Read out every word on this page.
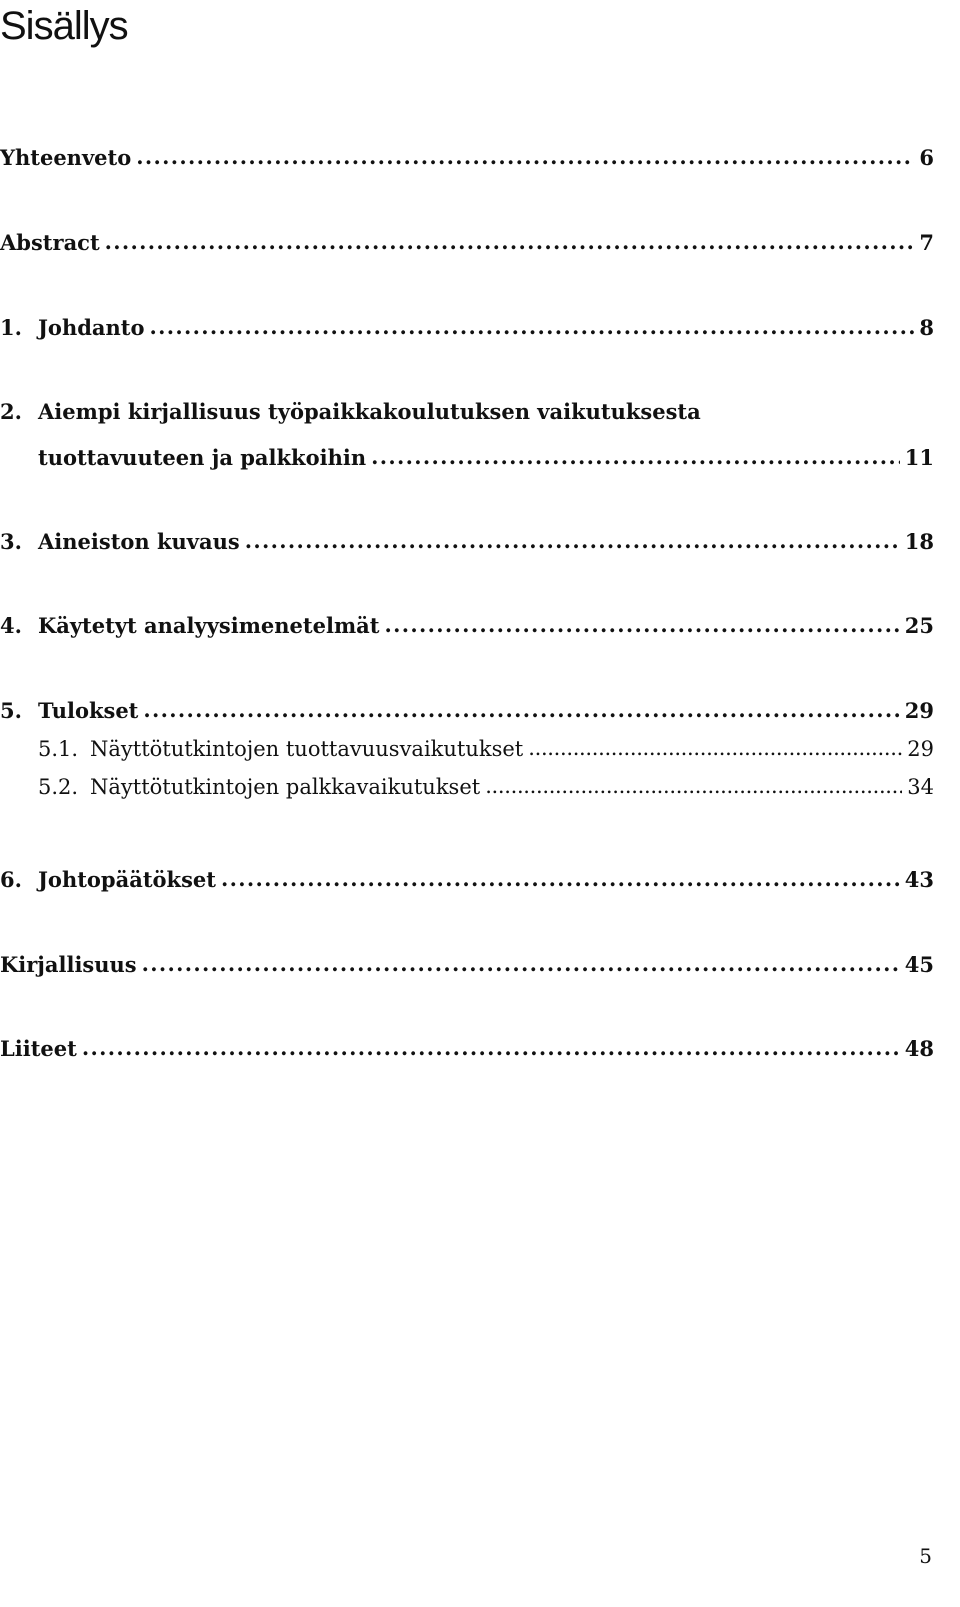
Sisällys
Yhteenveto . . .	6
Abstract . . .	7
1. Johdanto . . .	8
2. Aiempi kirjallisuus työpaikkakoulutuksen vaikutuksesta
tuottavuuteen ja palkkoihin . . .	11
3. Aineiston kuvaus . . .	18
4. Käytetyt analyysimenetelmät . . .	25
5. Tulokset . . .	29
5.1. Näyttötutkintojen tuottavuusvaikutukset . . .	29
5.2. Näyttötutkintojen palkkavaikutukset . . .	34
6. Johtopäätökset . . .	43
Kirjallisuus . . .	45
Liiteet . . .	48
5
